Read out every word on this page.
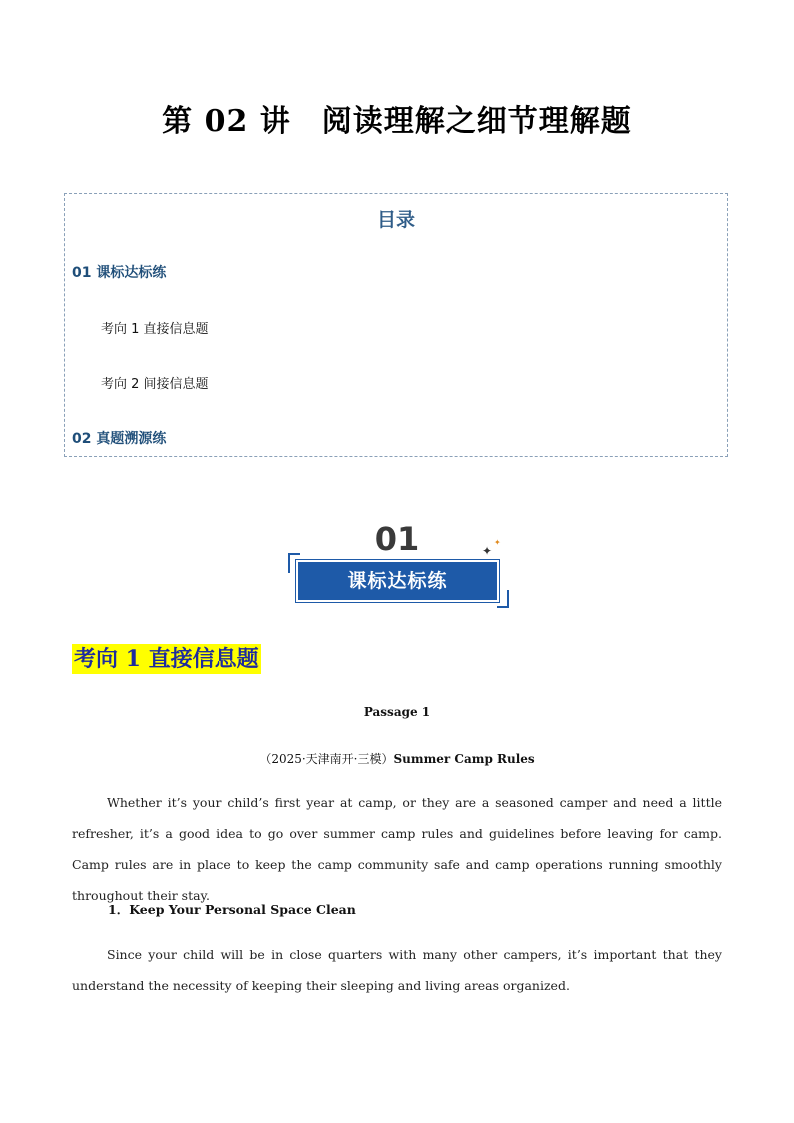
第 02 讲　阅读理解之细节理解题
目录
01 课标达标练
考向 1 直接信息题
考向 2 间接信息题
02 真题溯源练
01	✦
✦
课标达标练
考向 1 直接信息题
Passage 1
（2025·天津南开·三模）Summer Camp Rules
Whether it’s your child’s first year at camp, or they are a seasoned camper and need a little refresher, it’s a good idea to go over summer camp rules and guidelines before leaving for camp. Camp rules are in place to keep the camp community safe and camp operations running smoothly throughout their stay.
1．Keep Your Personal Space Clean
Since your child will be in close quarters with many other campers, it’s important that they understand the necessity of keeping their sleeping and living areas organized.
